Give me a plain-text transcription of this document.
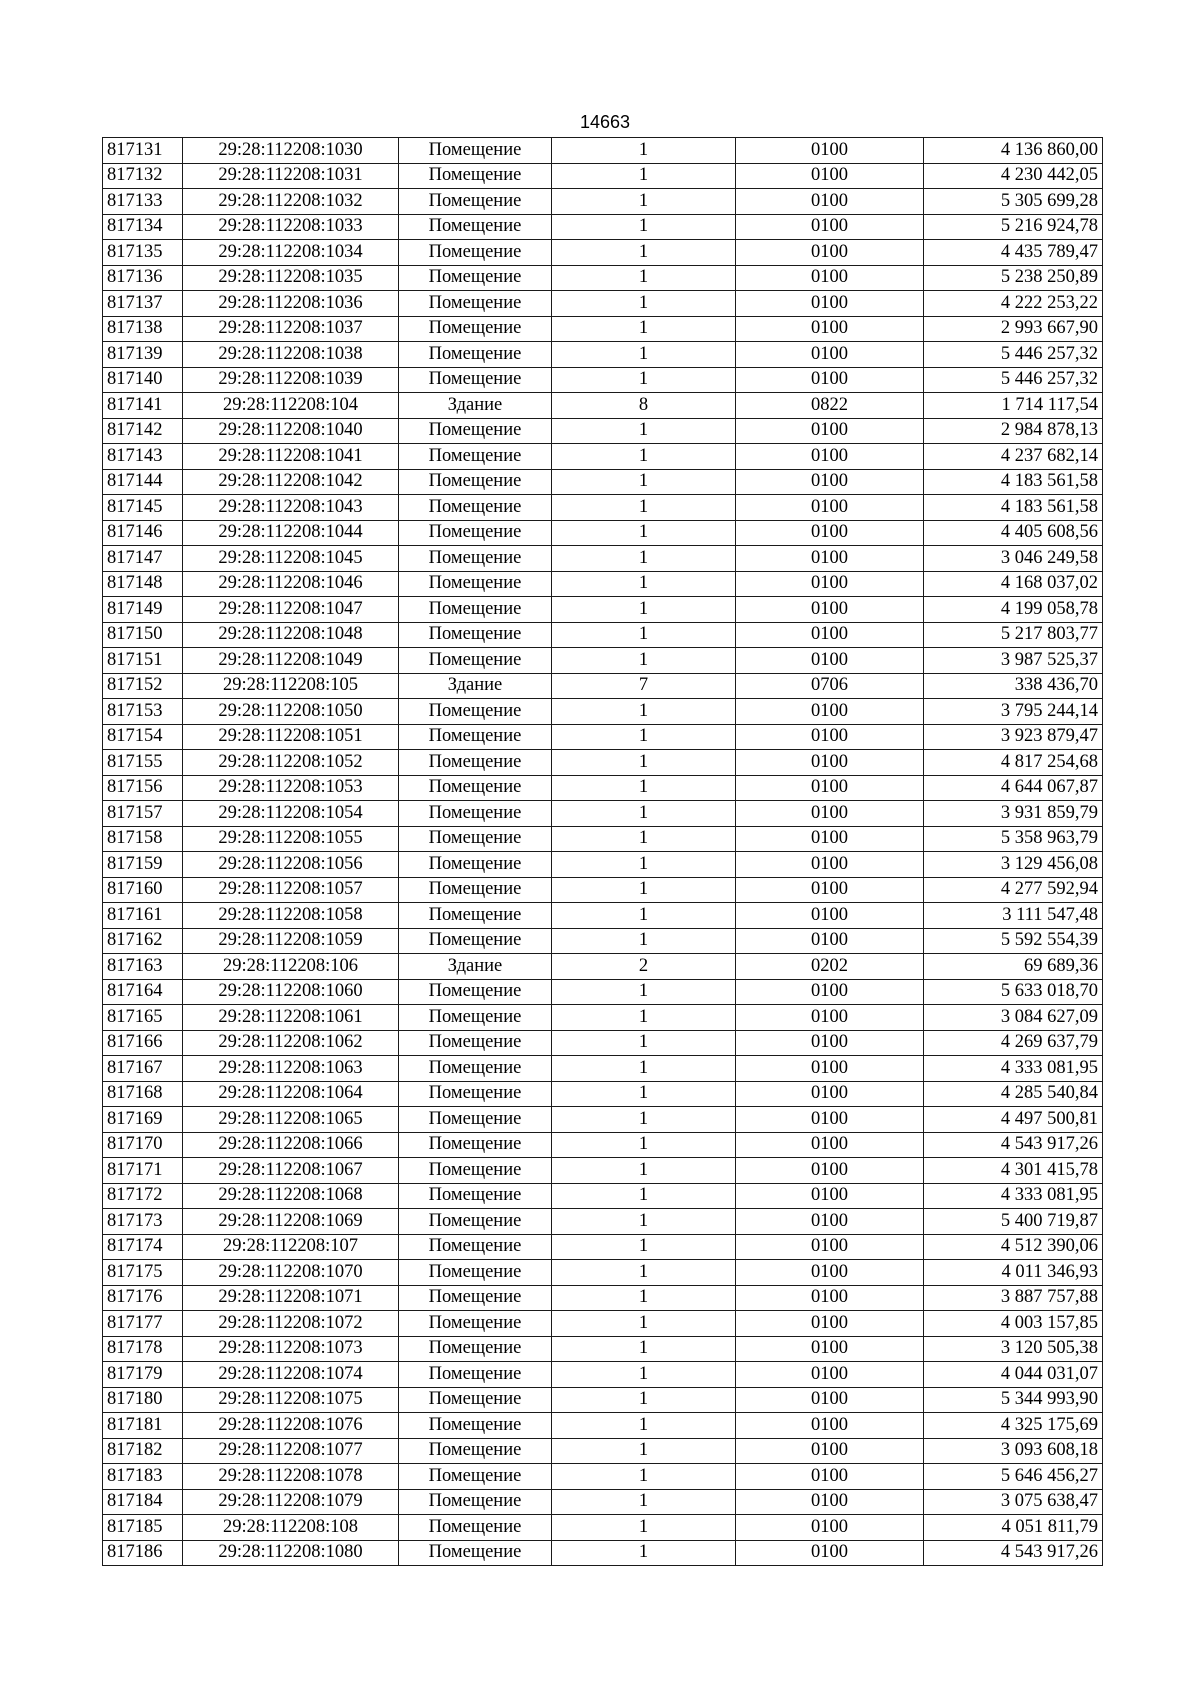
14663
817131	29:28:112208:1030	Помещение	1	0100	4 136 860,00
817132	29:28:112208:1031	Помещение	1	0100	4 230 442,05
817133	29:28:112208:1032	Помещение	1	0100	5 305 699,28
817134	29:28:112208:1033	Помещение	1	0100	5 216 924,78
817135	29:28:112208:1034	Помещение	1	0100	4 435 789,47
817136	29:28:112208:1035	Помещение	1	0100	5 238 250,89
817137	29:28:112208:1036	Помещение	1	0100	4 222 253,22
817138	29:28:112208:1037	Помещение	1	0100	2 993 667,90
817139	29:28:112208:1038	Помещение	1	0100	5 446 257,32
817140	29:28:112208:1039	Помещение	1	0100	5 446 257,32
817141	29:28:112208:104	Здание	8	0822	1 714 117,54
817142	29:28:112208:1040	Помещение	1	0100	2 984 878,13
817143	29:28:112208:1041	Помещение	1	0100	4 237 682,14
817144	29:28:112208:1042	Помещение	1	0100	4 183 561,58
817145	29:28:112208:1043	Помещение	1	0100	4 183 561,58
817146	29:28:112208:1044	Помещение	1	0100	4 405 608,56
817147	29:28:112208:1045	Помещение	1	0100	3 046 249,58
817148	29:28:112208:1046	Помещение	1	0100	4 168 037,02
817149	29:28:112208:1047	Помещение	1	0100	4 199 058,78
817150	29:28:112208:1048	Помещение	1	0100	5 217 803,77
817151	29:28:112208:1049	Помещение	1	0100	3 987 525,37
817152	29:28:112208:105	Здание	7	0706	338 436,70
817153	29:28:112208:1050	Помещение	1	0100	3 795 244,14
817154	29:28:112208:1051	Помещение	1	0100	3 923 879,47
817155	29:28:112208:1052	Помещение	1	0100	4 817 254,68
817156	29:28:112208:1053	Помещение	1	0100	4 644 067,87
817157	29:28:112208:1054	Помещение	1	0100	3 931 859,79
817158	29:28:112208:1055	Помещение	1	0100	5 358 963,79
817159	29:28:112208:1056	Помещение	1	0100	3 129 456,08
817160	29:28:112208:1057	Помещение	1	0100	4 277 592,94
817161	29:28:112208:1058	Помещение	1	0100	3 111 547,48
817162	29:28:112208:1059	Помещение	1	0100	5 592 554,39
817163	29:28:112208:106	Здание	2	0202	69 689,36
817164	29:28:112208:1060	Помещение	1	0100	5 633 018,70
817165	29:28:112208:1061	Помещение	1	0100	3 084 627,09
817166	29:28:112208:1062	Помещение	1	0100	4 269 637,79
817167	29:28:112208:1063	Помещение	1	0100	4 333 081,95
817168	29:28:112208:1064	Помещение	1	0100	4 285 540,84
817169	29:28:112208:1065	Помещение	1	0100	4 497 500,81
817170	29:28:112208:1066	Помещение	1	0100	4 543 917,26
817171	29:28:112208:1067	Помещение	1	0100	4 301 415,78
817172	29:28:112208:1068	Помещение	1	0100	4 333 081,95
817173	29:28:112208:1069	Помещение	1	0100	5 400 719,87
817174	29:28:112208:107	Помещение	1	0100	4 512 390,06
817175	29:28:112208:1070	Помещение	1	0100	4 011 346,93
817176	29:28:112208:1071	Помещение	1	0100	3 887 757,88
817177	29:28:112208:1072	Помещение	1	0100	4 003 157,85
817178	29:28:112208:1073	Помещение	1	0100	3 120 505,38
817179	29:28:112208:1074	Помещение	1	0100	4 044 031,07
817180	29:28:112208:1075	Помещение	1	0100	5 344 993,90
817181	29:28:112208:1076	Помещение	1	0100	4 325 175,69
817182	29:28:112208:1077	Помещение	1	0100	3 093 608,18
817183	29:28:112208:1078	Помещение	1	0100	5 646 456,27
817184	29:28:112208:1079	Помещение	1	0100	3 075 638,47
817185	29:28:112208:108	Помещение	1	0100	4 051 811,79
817186	29:28:112208:1080	Помещение	1	0100	4 543 917,26
